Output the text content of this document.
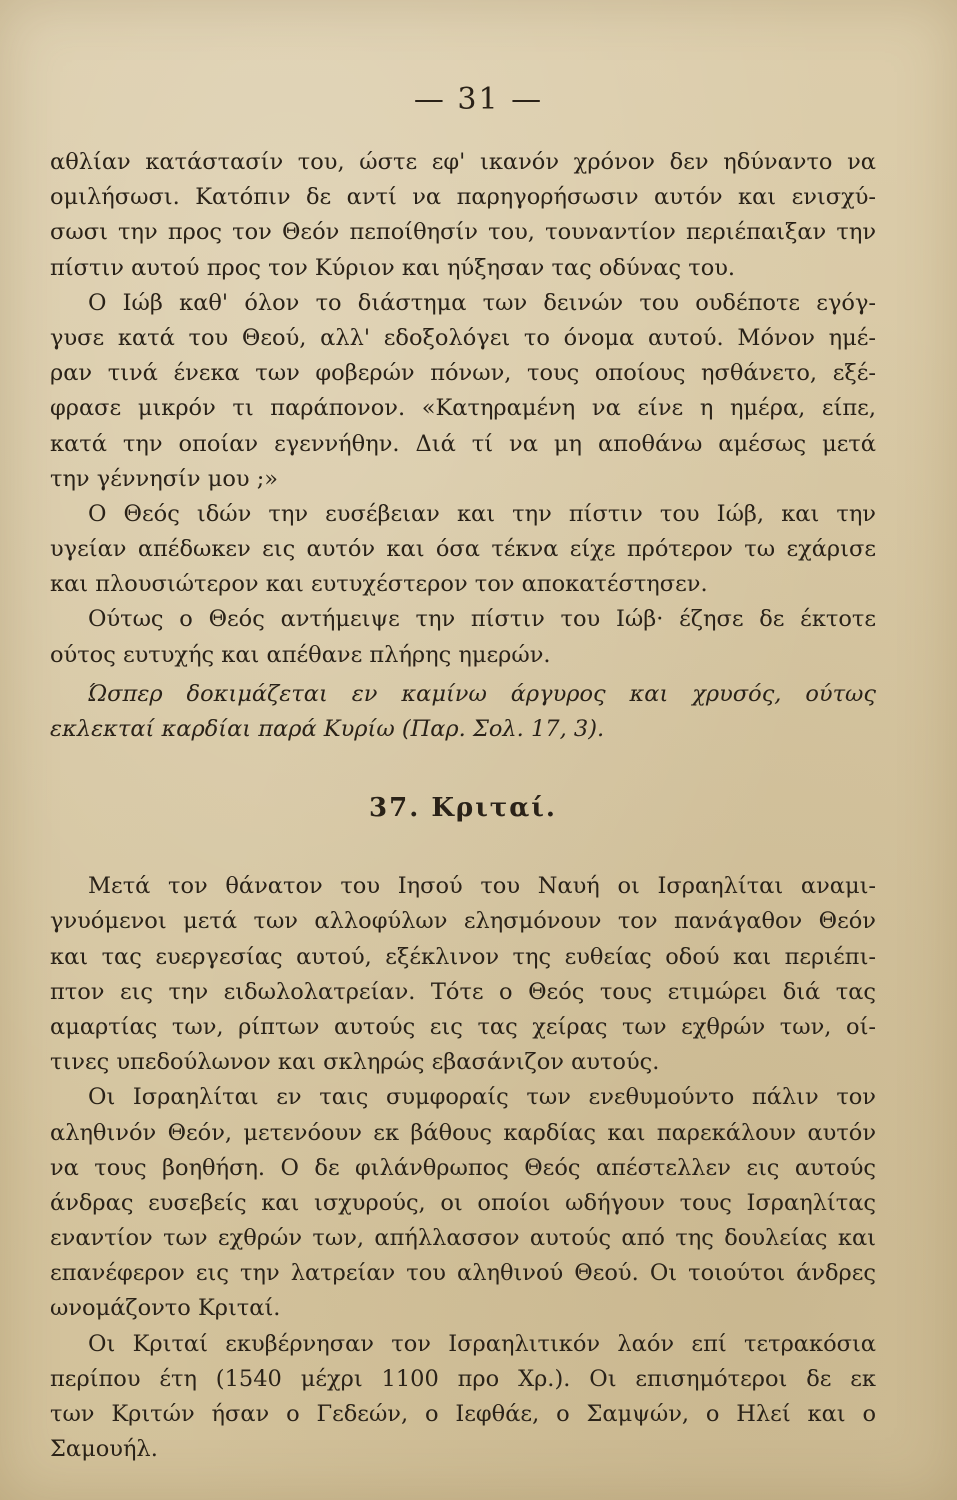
— 31 —
αθλίαν κατάστασίν του, ώστε εφ' ικανόν χρόνον δεν ηδύναντο να
ομιλήσωσι. Κατόπιν δε αντί να παρηγορήσωσιν αυτόν και ενισχύ-
σωσι την προς τον Θεόν πεποίθησίν του, τουναντίον περιέπαιξαν την
πίστιν αυτού προς τον Κύριον και ηύξησαν τας οδύνας του.
Ο Ιώβ καθ' όλον το διάστημα των δεινών του ουδέποτε εγόγ-
γυσε κατά του Θεού, αλλ' εδοξολόγει το όνομα αυτού. Μόνον ημέ-
ραν τινά ένεκα των φοβερών πόνων, τους οποίους ησθάνετο, εξέ-
φρασε μικρόν τι παράπονον. «Κατηραμένη να είνε η ημέρα, είπε,
κατά την οποίαν εγεννήθην. Διά τί να μη αποθάνω αμέσως μετά
την γέννησίν μου ;»
Ο Θεός ιδών την ευσέβειαν και την πίστιν του Ιώβ, και την
υγείαν απέδωκεν εις αυτόν και όσα τέκνα είχε πρότερον τω εχάρισε
και πλουσιώτερον και ευτυχέστερον τον αποκατέστησεν.
Ούτως ο Θεός αντήμειψε την πίστιν του Ιώβ· έζησε δε έκτοτε
ούτος ευτυχής και απέθανε πλήρης ημερών.
Ώσπερ δοκιμάζεται εν καμίνω άργυρος και χρυσός, ούτως
εκλεκταί καρδίαι παρά Κυρίω (Παρ. Σολ. 17, 3).
37. Κριταί.
Μετά τον θάνατον του Ιησού του Ναυή οι Ισραηλίται αναμι-
γνυόμενοι μετά των αλλοφύλων ελησμόνουν τον πανάγαθον Θεόν
και τας ευεργεσίας αυτού, εξέκλινον της ευθείας οδού και περιέπι-
πτον εις την ειδωλολατρείαν. Τότε ο Θεός τους ετιμώρει διά τας
αμαρτίας των, ρίπτων αυτούς εις τας χείρας των εχθρών των, οί-
τινες υπεδούλωνον και σκληρώς εβασάνιζον αυτούς.
Οι Ισραηλίται εν ταις συμφοραίς των ενεθυμούντο πάλιν τον
αληθινόν Θεόν, μετενόουν εκ βάθους καρδίας και παρεκάλουν αυτόν
να τους βοηθήση. Ο δε φιλάνθρωπος Θεός απέστελλεν εις αυτούς
άνδρας ευσεβείς και ισχυρούς, οι οποίοι ωδήγουν τους Ισραηλίτας
εναντίον των εχθρών των, απήλλασσον αυτούς από της δουλείας και
επανέφερον εις την λατρείαν του αληθινού Θεού. Οι τοιούτοι άνδρες
ωνομάζοντο Κριταί.
Οι Κριταί εκυβέρνησαν τον Ισραηλιτικόν λαόν επί τετρακόσια
περίπου έτη (1540 μέχρι 1100 προ Χρ.). Οι επισημότεροι δε εκ
των Κριτών ήσαν ο Γεδεών, ο Ιεφθάε, ο Σαμψών, ο Ηλεί και ο
Σαμουήλ.
